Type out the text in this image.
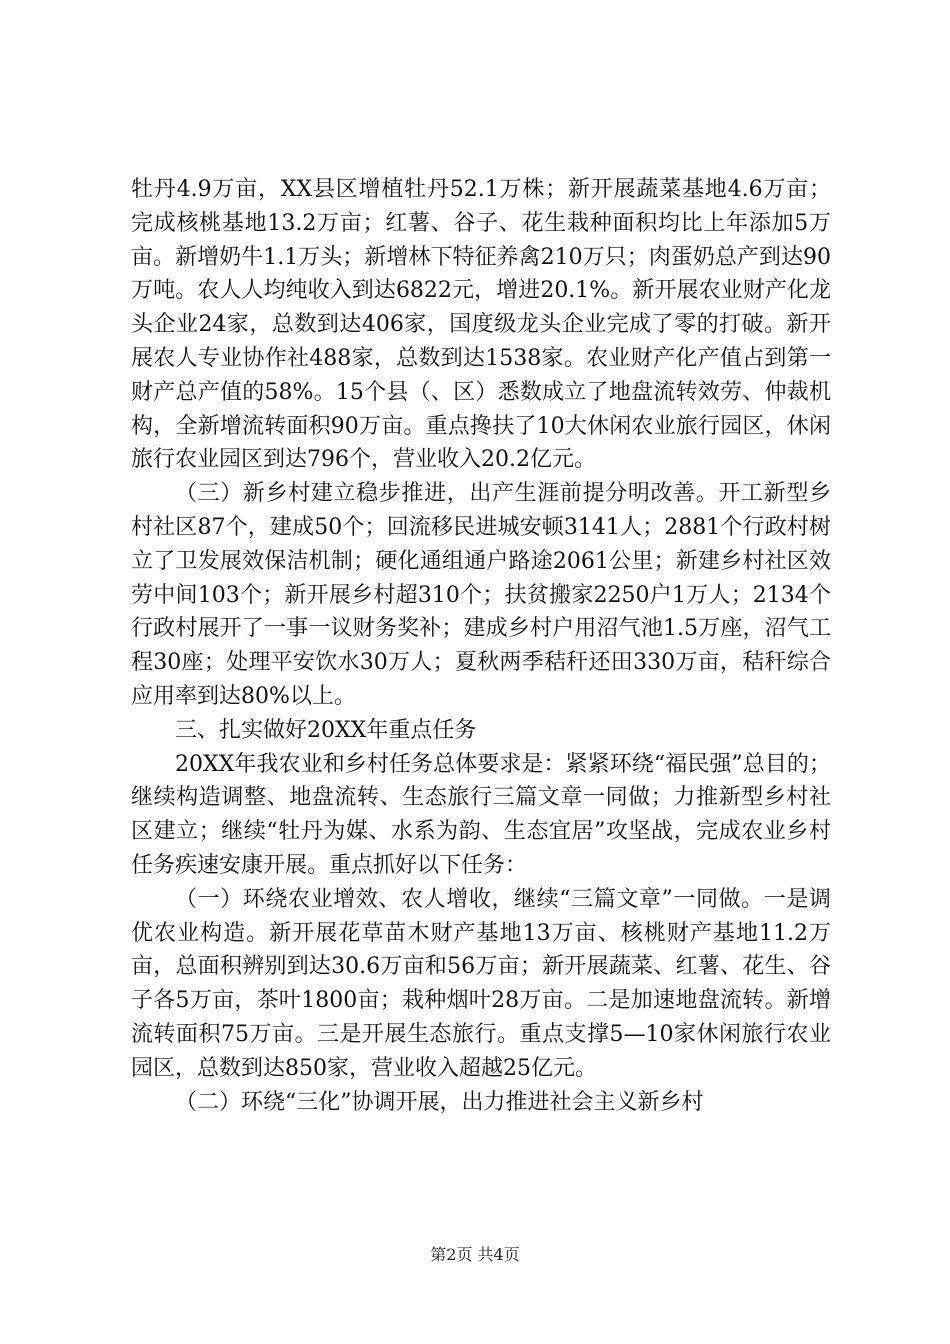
牡丹4.9万亩，XX县区增植牡丹52.1万株；新开展蔬菜基地4.6万亩；完成核桃基地13.2万亩；红薯、谷子、花生栽种面积均比上年添加5万亩。新增奶牛1.1万头；新增林下特征养禽210万只；肉蛋奶总产到达90万吨。农人人均纯收入到达6822元，增进20.1%。新开展农业财产化龙头企业24家，总数到达406家，国度级龙头企业完成了零的打破。新开展农人专业协作社488家，总数到达1538家。农业财产化产值占到第一财产总产值的58%。15个县（、区）悉数成立了地盘流转效劳、仲裁机构，全新增流转面积90万亩。重点搀扶了10大休闲农业旅行园区，休闲旅行农业园区到达796个，营业收入20.2亿元。

（三）新乡村建立稳步推进，出产生涯前提分明改善。开工新型乡村社区87个，建成50个；回流移民进城安顿3141人；2881个行政村树立了卫发展效保洁机制；硬化通组通户路途2061公里；新建乡村社区效劳中间103个；新开展乡村超310个；扶贫搬家2250户1万人；2134个行政村展开了一事一议财务奖补；建成乡村户用沼气池1.5万座，沼气工程30座；处理平安饮水30万人；夏秋两季秸秆还田330万亩，秸秆综合应用率到达80%以上。

三、扎实做好20XX年重点任务

20XX年我农业和乡村任务总体要求是：紧紧环绕“福民强”总目的；继续构造调整、地盘流转、生态旅行三篇文章一同做；力推新型乡村社区建立；继续“牡丹为媒、水系为韵、生态宜居”攻坚战，完成农业乡村任务疾速安康开展。重点抓好以下任务：

（一）环绕农业增效、农人增收，继续“三篇文章”一同做。一是调优农业构造。新开展花草苗木财产基地13万亩、核桃财产基地11.2万亩，总面积辨别到达30.6万亩和56万亩；新开展蔬菜、红薯、花生、谷子各5万亩，茶叶1800亩；栽种烟叶28万亩。二是加速地盘流转。新增流转面积75万亩。三是开展生态旅行。重点支撑5—10家休闲旅行农业园区，总数到达850家，营业收入超越25亿元。

（二）环绕“三化”协调开展，出力推进社会主义新乡村

第2页 共4页
